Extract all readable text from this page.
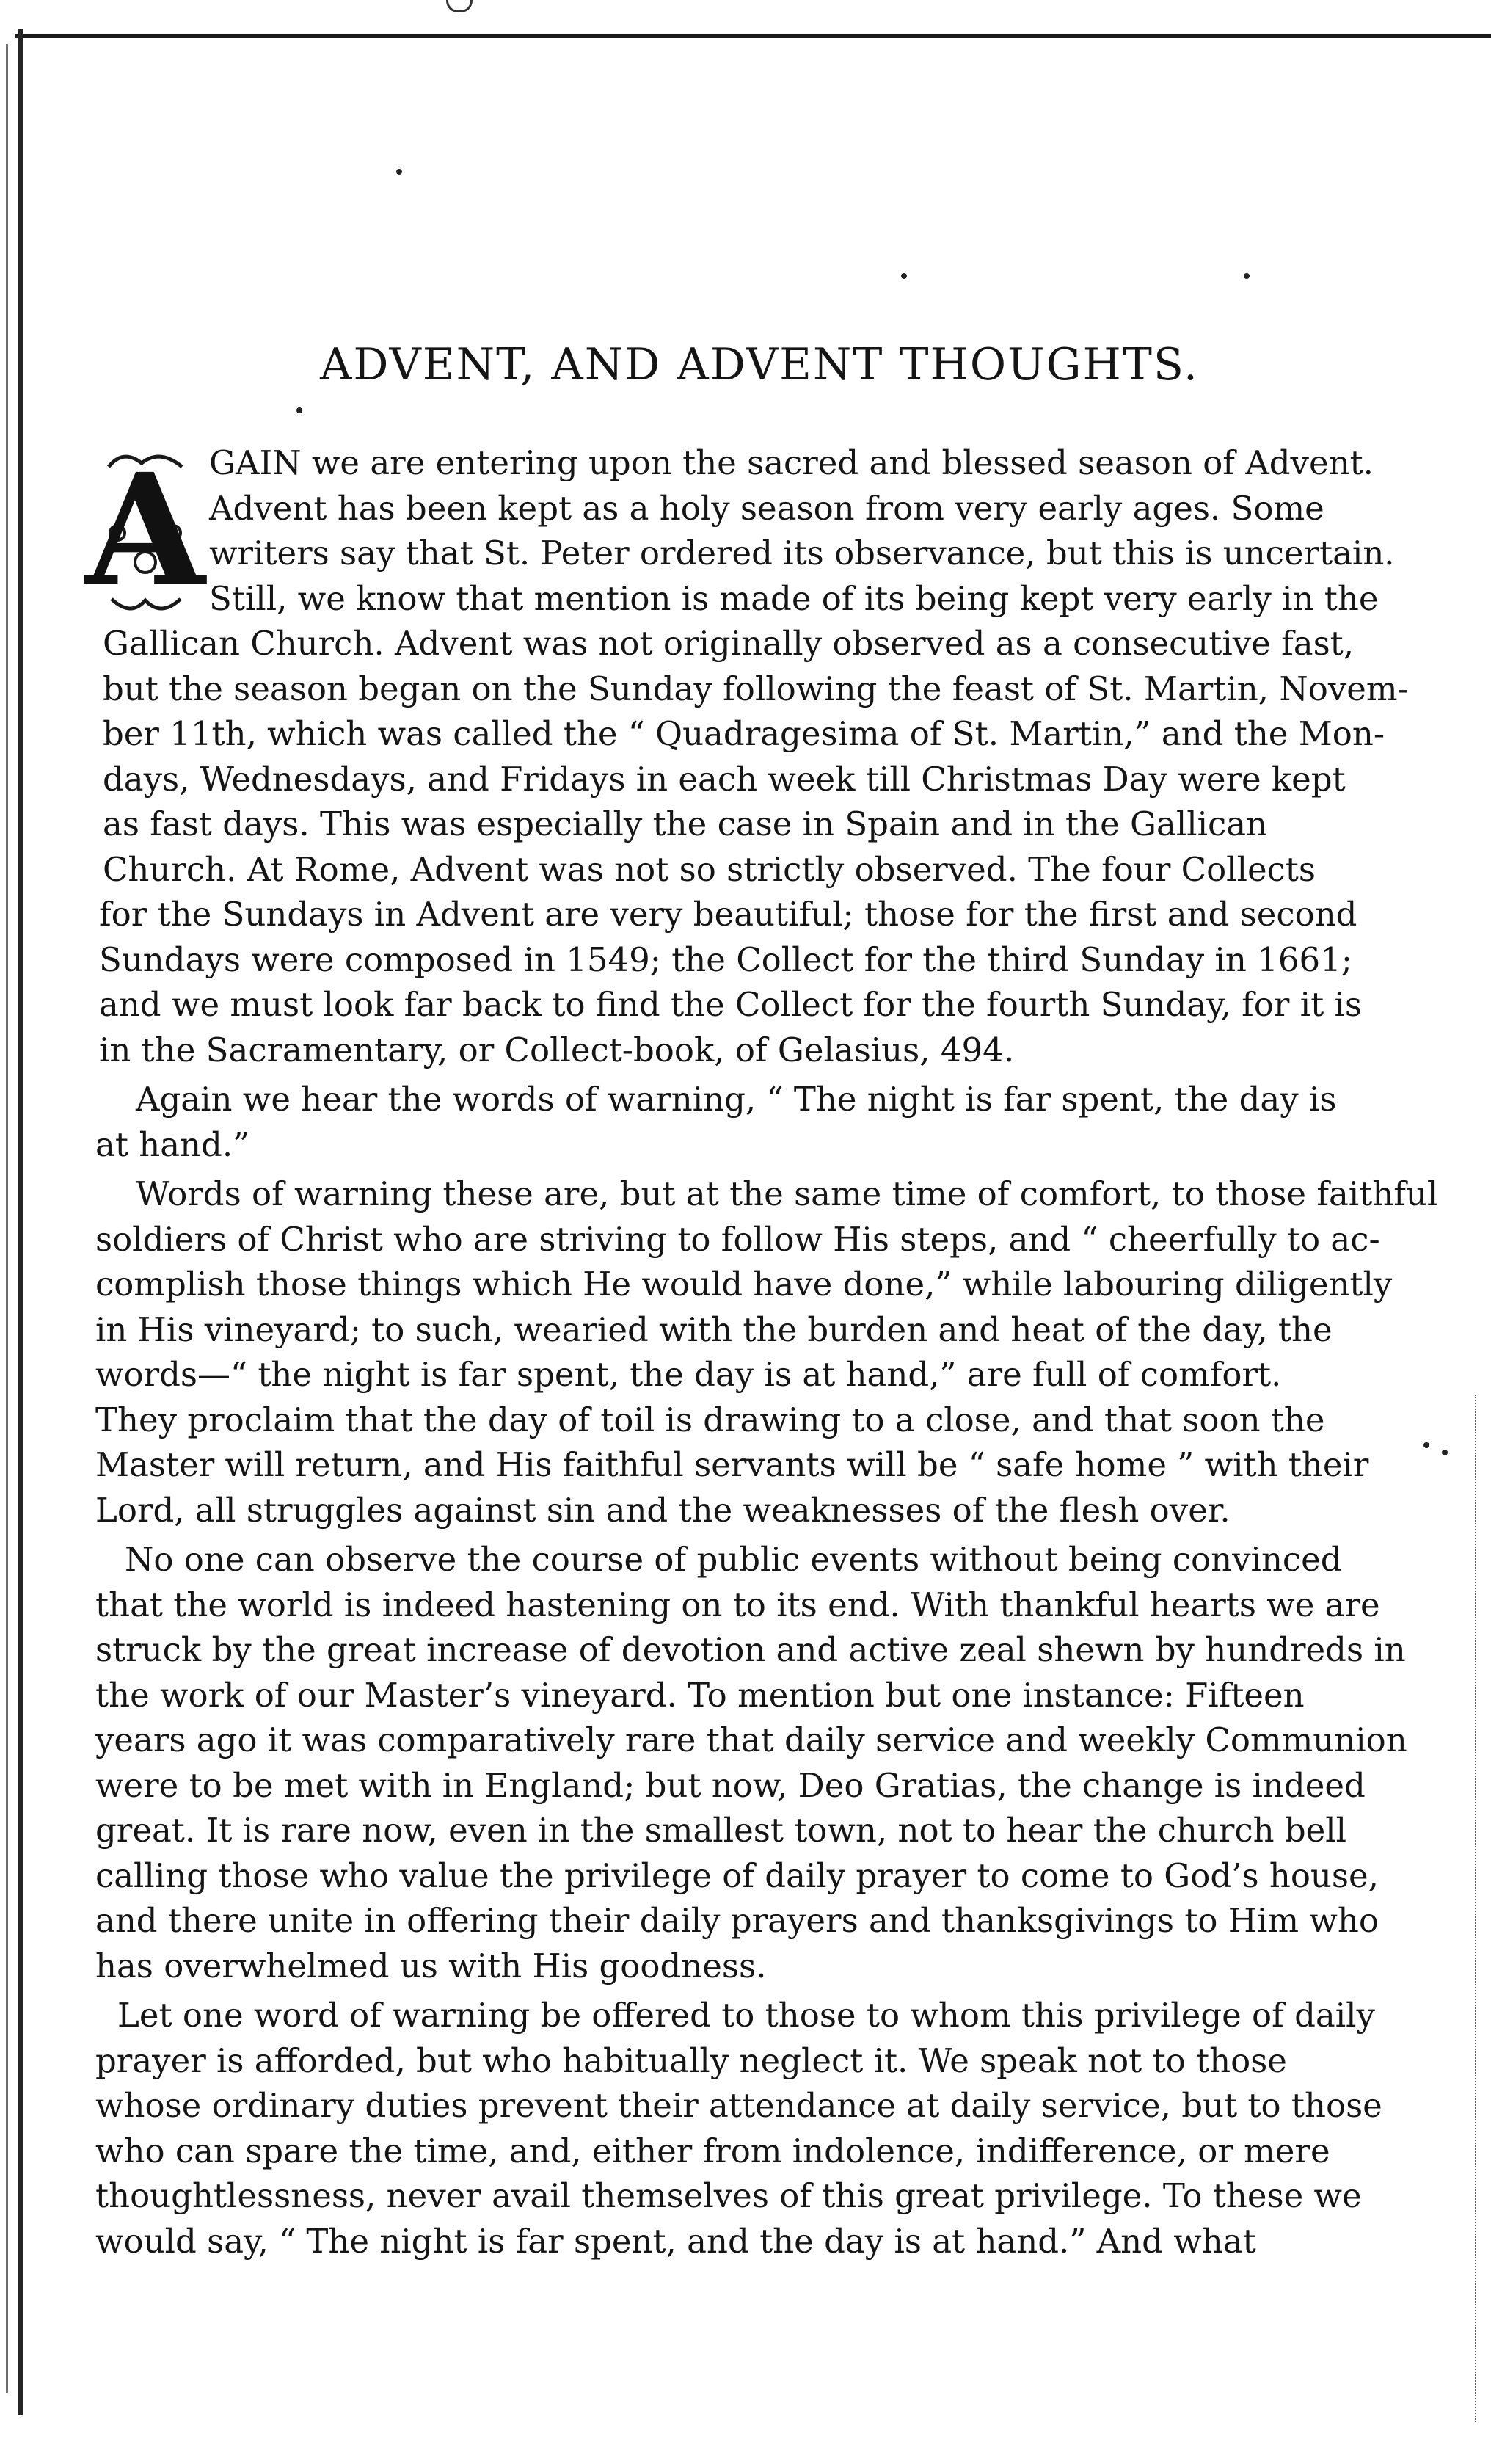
ADVENT, AND ADVENT THOUGHTS.
A GAIN we are entering upon the sacred and blessed season of Advent.
Advent has been kept as a holy season from very early ages. Some
writers say that St. Peter ordered its observance, but this is uncertain.
Still, we know that mention is made of its being kept very early in the
Gallican Church. Advent was not originally observed as a consecutive fast,
but the season began on the Sunday following the feast of St. Martin, Novem-
ber 11th, which was called the “ Quadragesima of St. Martin,” and the Mon-
days, Wednesdays, and Fridays in each week till Christmas Day were kept
as fast days. This was especially the case in Spain and in the Gallican
Church. At Rome, Advent was not so strictly observed. The four Collects
for the Sundays in Advent are very beautiful; those for the first and second
Sundays were composed in 1549; the Collect for the third Sunday in 1661;
and we must look far back to find the Collect for the fourth Sunday, for it is
in the Sacramentary, or Collect-book, of Gelasius, 494.
Again we hear the words of warning, “ The night is far spent, the day is
at hand.”
Words of warning these are, but at the same time of comfort, to those faithful
soldiers of Christ who are striving to follow His steps, and “ cheerfully to ac-
complish those things which He would have done,” while labouring diligently
in His vineyard; to such, wearied with the burden and heat of the day, the
words—“ the night is far spent, the day is at hand,” are full of comfort.
They proclaim that the day of toil is drawing to a close, and that soon the
Master will return, and His faithful servants will be “ safe home ” with their
Lord, all struggles against sin and the weaknesses of the flesh over.
No one can observe the course of public events without being convinced
that the world is indeed hastening on to its end. With thankful hearts we are
struck by the great increase of devotion and active zeal shewn by hundreds in
the work of our Master’s vineyard. To mention but one instance: Fifteen
years ago it was comparatively rare that daily service and weekly Communion
were to be met with in England; but now, Deo Gratias, the change is indeed
great. It is rare now, even in the smallest town, not to hear the church bell
calling those who value the privilege of daily prayer to come to God’s house,
and there unite in offering their daily prayers and thanksgivings to Him who
has overwhelmed us with His goodness.
Let one word of warning be offered to those to whom this privilege of daily
prayer is afforded, but who habitually neglect it. We speak not to those
whose ordinary duties prevent their attendance at daily service, but to those
who can spare the time, and, either from indolence, indifference, or mere
thoughtlessness, never avail themselves of this great privilege. To these we
would say, “ The night is far spent, and the day is at hand.” And what
